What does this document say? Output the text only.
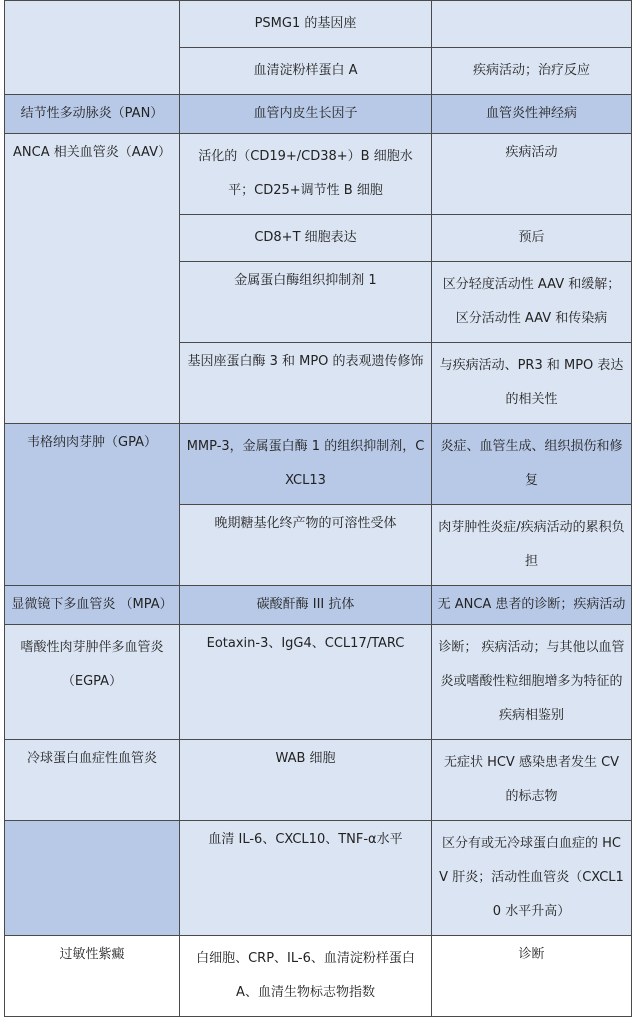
	PSMG1 的基因座	
	血清淀粉样蛋白 A	疾病活动；治疗反应
结节性多动脉炎（PAN）	血管内皮生长因子	血管炎性神经病
ANCA 相关血管炎（AAV）	活化的（CD19+/CD38+）B 细胞水平；CD25+调节性 B 细胞	疾病活动
	CD8+T 细胞表达	预后
	金属蛋白酶组织抑制剂 1	区分轻度活动性 AAV 和缓解；区分活动性 AAV 和传染病
	基因座蛋白酶 3 和 MPO 的表观遗传修饰	与疾病活动、PR3 和 MPO 表达的相关性
韦格纳肉芽肿（GPA）	MMP-3，金属蛋白酶 1 的组织抑制剂，CXCL13	炎症、血管生成、组织损伤和修复
	晚期糖基化终产物的可溶性受体	肉芽肿性炎症/疾病活动的累积负担
显微镜下多血管炎 （MPA）	碳酸酐酶 III 抗体	无 ANCA 患者的诊断；疾病活动
嗜酸性肉芽肿伴多血管炎（EGPA）	Eotaxin-3、IgG4、CCL17/TARC	诊断； 疾病活动；与其他以血管炎或嗜酸性粒细胞增多为特征的疾病相鉴别
冷球蛋白血症性血管炎	WAB 细胞	无症状 HCV 感染患者发生 CV 的标志物
	血清 IL-6、CXCL10、TNF-α水平	区分有或无冷球蛋白血症的 HCV 肝炎；活动性血管炎（CXCL10 水平升高）
过敏性紫癜	白细胞、CRP、IL-6、血清淀粉样蛋白 A、血清生物标志物指数	诊断
